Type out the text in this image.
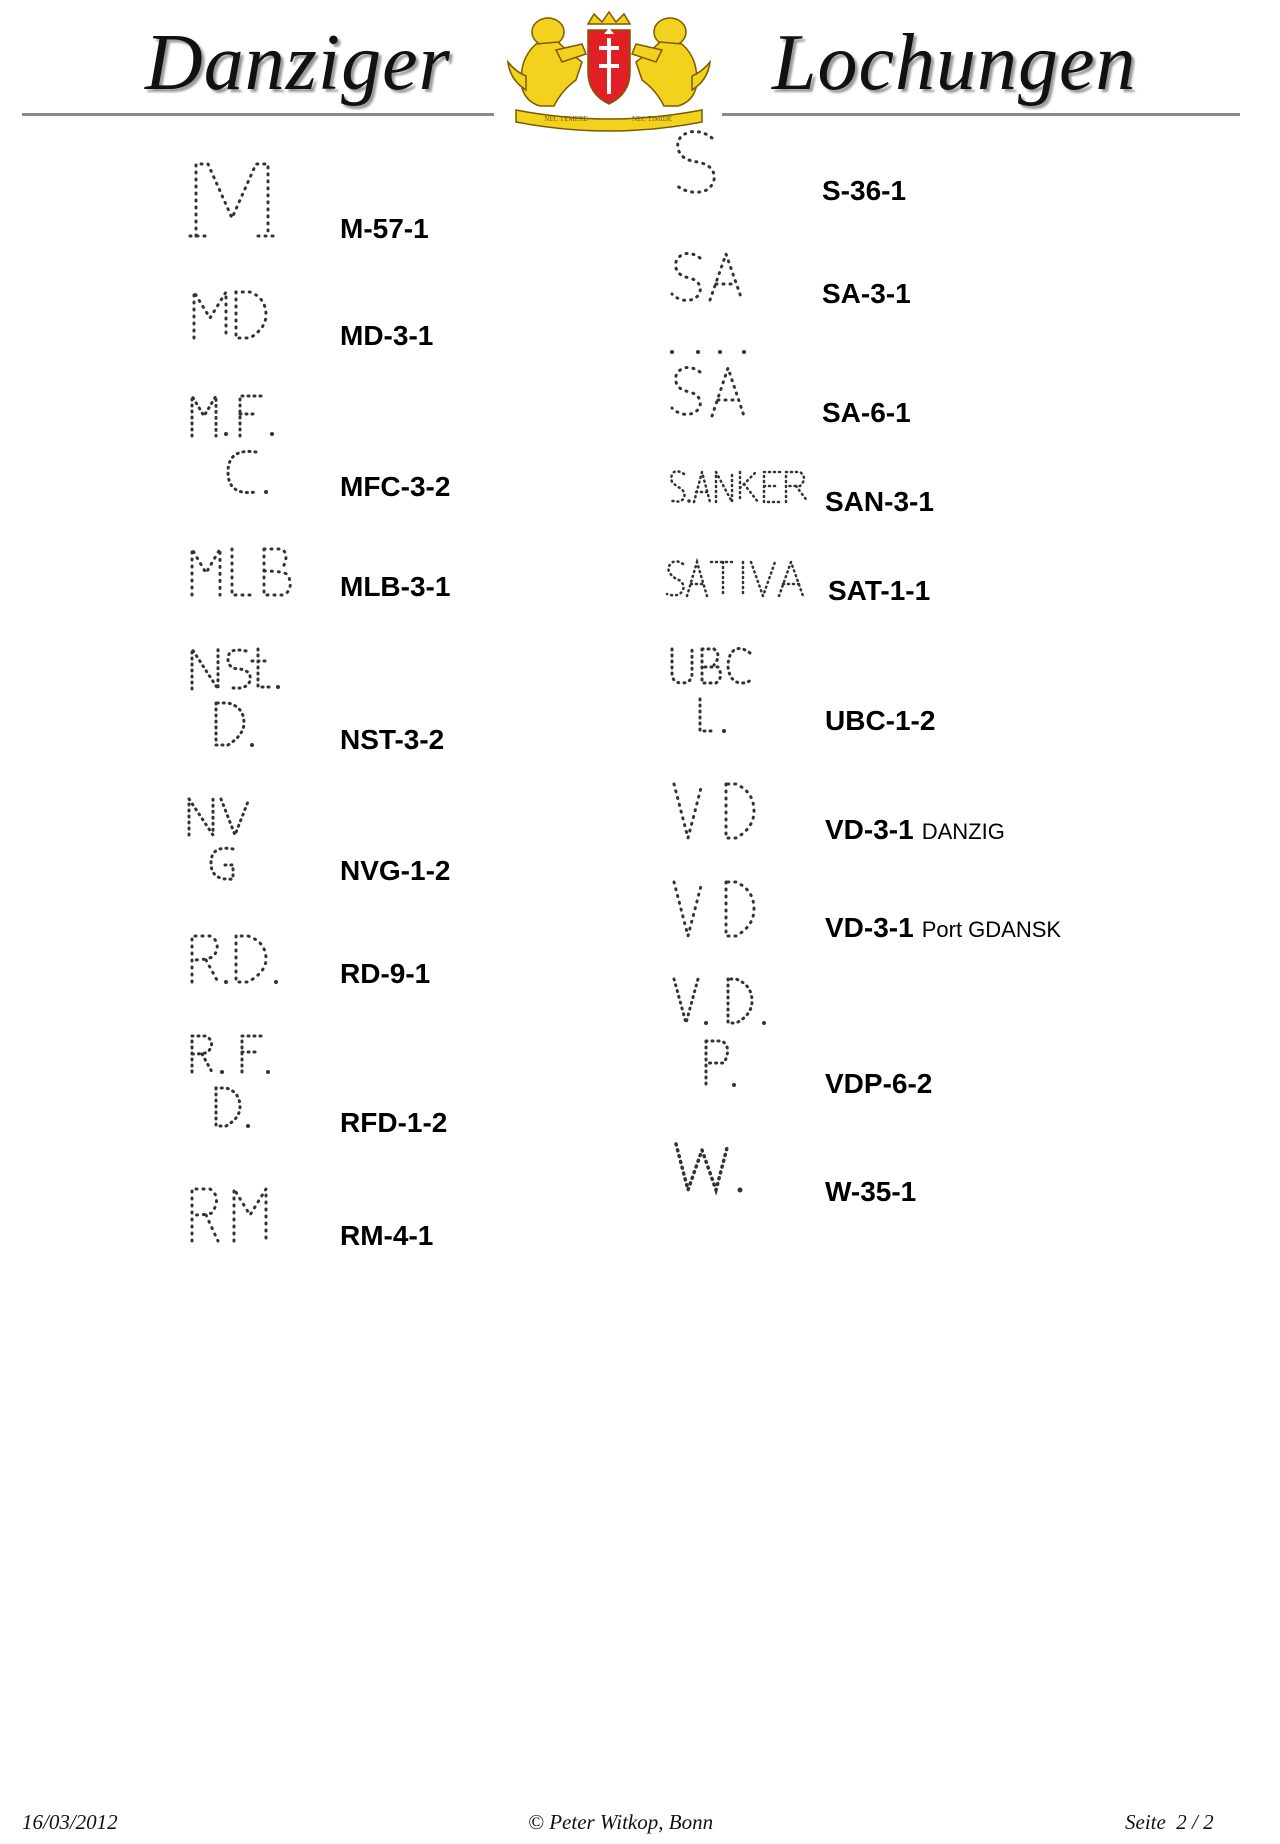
Danziger	Lochungen
NEC TEMERE	NEC TIMIDE
M-57-1
MD-3-1
MFC-3-2
MLB-3-1
NST-3-2
NVG-1-2
RD-9-1
RFD-1-2
RM-4-1
S-36-1
SA-3-1
SA-6-1
SAN-3-1
SAT-1-1
UBC-1-2
VD-3-1 DANZIG
VD-3-1 Port GDANSK
VDP-6-2
W-35-1
16/03/2012	© Peter Witkop, Bonn	Seite  2 / 2
